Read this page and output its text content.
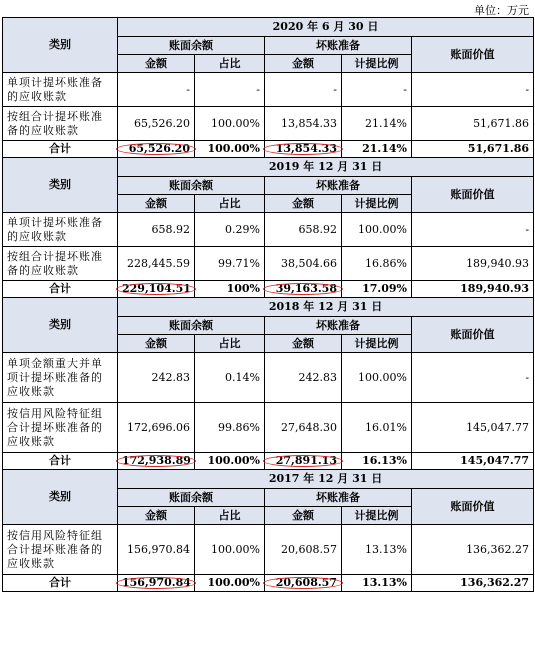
单位：万元
类别	2020 年 6 月 30 日				
	账面余额		坏账准备		账面价值
	金额	占比	金额	计提比例	
单项计提坏账准备的应收账款	-	-	-	-	-
按组合计提坏账准备的应收账款	65,526.20	100.00%	13,854.33	21.14%	51,671.86
合计	65,526.20	100.00%	13,854.33	21.14%	51,671.86
类别	2019 年 12 月 31 日				
	账面余额		坏账准备		账面价值
	金额	占比	金额	计提比例	
单项计提坏账准备的应收账款	658.92	0.29%	658.92	100.00%	-
按组合计提坏账准备的应收账款	228,445.59	99.71%	38,504.66	16.86%	189,940.93
合计	229,104.51	100%	39,163.58	17.09%	189,940.93
类别	2018 年 12 月 31 日				
	账面余额		坏账准备		账面价值
	金额	占比	金额	计提比例	
单项金额重大并单项计提坏账准备的应收账款	242.83	0.14%	242.83	100.00%	-
按信用风险特征组合计提坏账准备的应收账款	172,696.06	99.86%	27,648.30	16.01%	145,047.77
合计	172,938.89	100.00%	27,891.13	16.13%	145,047.77
类别	2017 年 12 月 31 日				
	账面余额		坏账准备		账面价值
	金额	占比	金额	计提比例	
按信用风险特征组合计提坏账准备的应收账款	156,970.84	100.00%	20,608.57	13.13%	136,362.27
合计	156,970.84	100.00%	20,608.57	13.13%	136,362.27
